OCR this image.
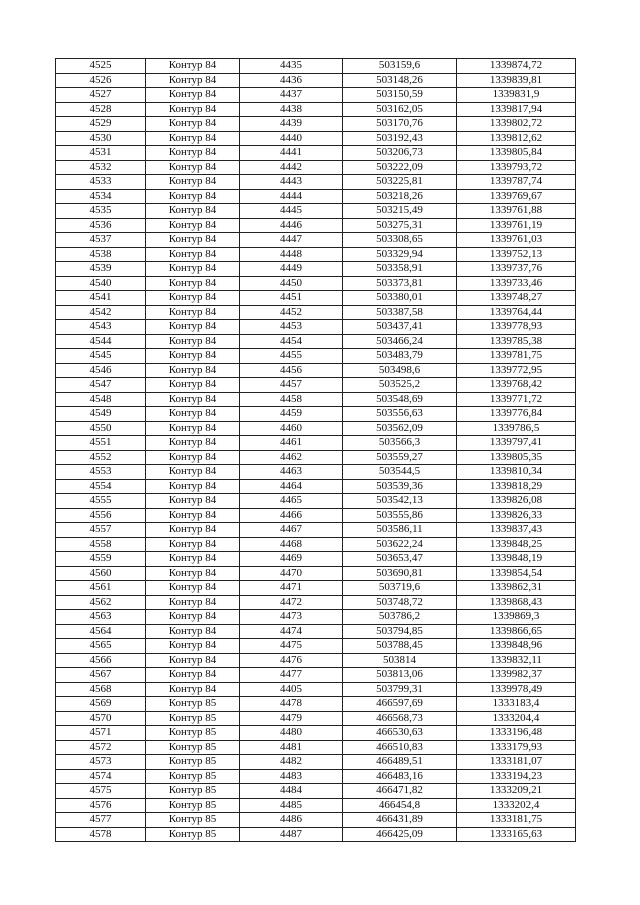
4525	Контур 84	4435	503159,6	1339874,72
4526	Контур 84	4436	503148,26	1339839,81
4527	Контур 84	4437	503150,59	1339831,9
4528	Контур 84	4438	503162,05	1339817,94
4529	Контур 84	4439	503170,76	1339802,72
4530	Контур 84	4440	503192,43	1339812,62
4531	Контур 84	4441	503206,73	1339805,84
4532	Контур 84	4442	503222,09	1339793,72
4533	Контур 84	4443	503225,81	1339787,74
4534	Контур 84	4444	503218,26	1339769,67
4535	Контур 84	4445	503215,49	1339761,88
4536	Контур 84	4446	503275,31	1339761,19
4537	Контур 84	4447	503308,65	1339761,03
4538	Контур 84	4448	503329,94	1339752,13
4539	Контур 84	4449	503358,91	1339737,76
4540	Контур 84	4450	503373,81	1339733,46
4541	Контур 84	4451	503380,01	1339748,27
4542	Контур 84	4452	503387,58	1339764,44
4543	Контур 84	4453	503437,41	1339778,93
4544	Контур 84	4454	503466,24	1339785,38
4545	Контур 84	4455	503483,79	1339781,75
4546	Контур 84	4456	503498,6	1339772,95
4547	Контур 84	4457	503525,2	1339768,42
4548	Контур 84	4458	503548,69	1339771,72
4549	Контур 84	4459	503556,63	1339776,84
4550	Контур 84	4460	503562,09	1339786,5
4551	Контур 84	4461	503566,3	1339797,41
4552	Контур 84	4462	503559,27	1339805,35
4553	Контур 84	4463	503544,5	1339810,34
4554	Контур 84	4464	503539,36	1339818,29
4555	Контур 84	4465	503542,13	1339826,08
4556	Контур 84	4466	503555,86	1339826,33
4557	Контур 84	4467	503586,11	1339837,43
4558	Контур 84	4468	503622,24	1339848,25
4559	Контур 84	4469	503653,47	1339848,19
4560	Контур 84	4470	503690,81	1339854,54
4561	Контур 84	4471	503719,6	1339862,31
4562	Контур 84	4472	503748,72	1339868,43
4563	Контур 84	4473	503786,2	1339869,3
4564	Контур 84	4474	503794,85	1339866,65
4565	Контур 84	4475	503788,45	1339848,96
4566	Контур 84	4476	503814	1339832,11
4567	Контур 84	4477	503813,06	1339982,37
4568	Контур 84	4405	503799,31	1339978,49
4569	Контур 85	4478	466597,69	1333183,4
4570	Контур 85	4479	466568,73	1333204,4
4571	Контур 85	4480	466530,63	1333196,48
4572	Контур 85	4481	466510,83	1333179,93
4573	Контур 85	4482	466489,51	1333181,07
4574	Контур 85	4483	466483,16	1333194,23
4575	Контур 85	4484	466471,82	1333209,21
4576	Контур 85	4485	466454,8	1333202,4
4577	Контур 85	4486	466431,89	1333181,75
4578	Контур 85	4487	466425,09	1333165,63
